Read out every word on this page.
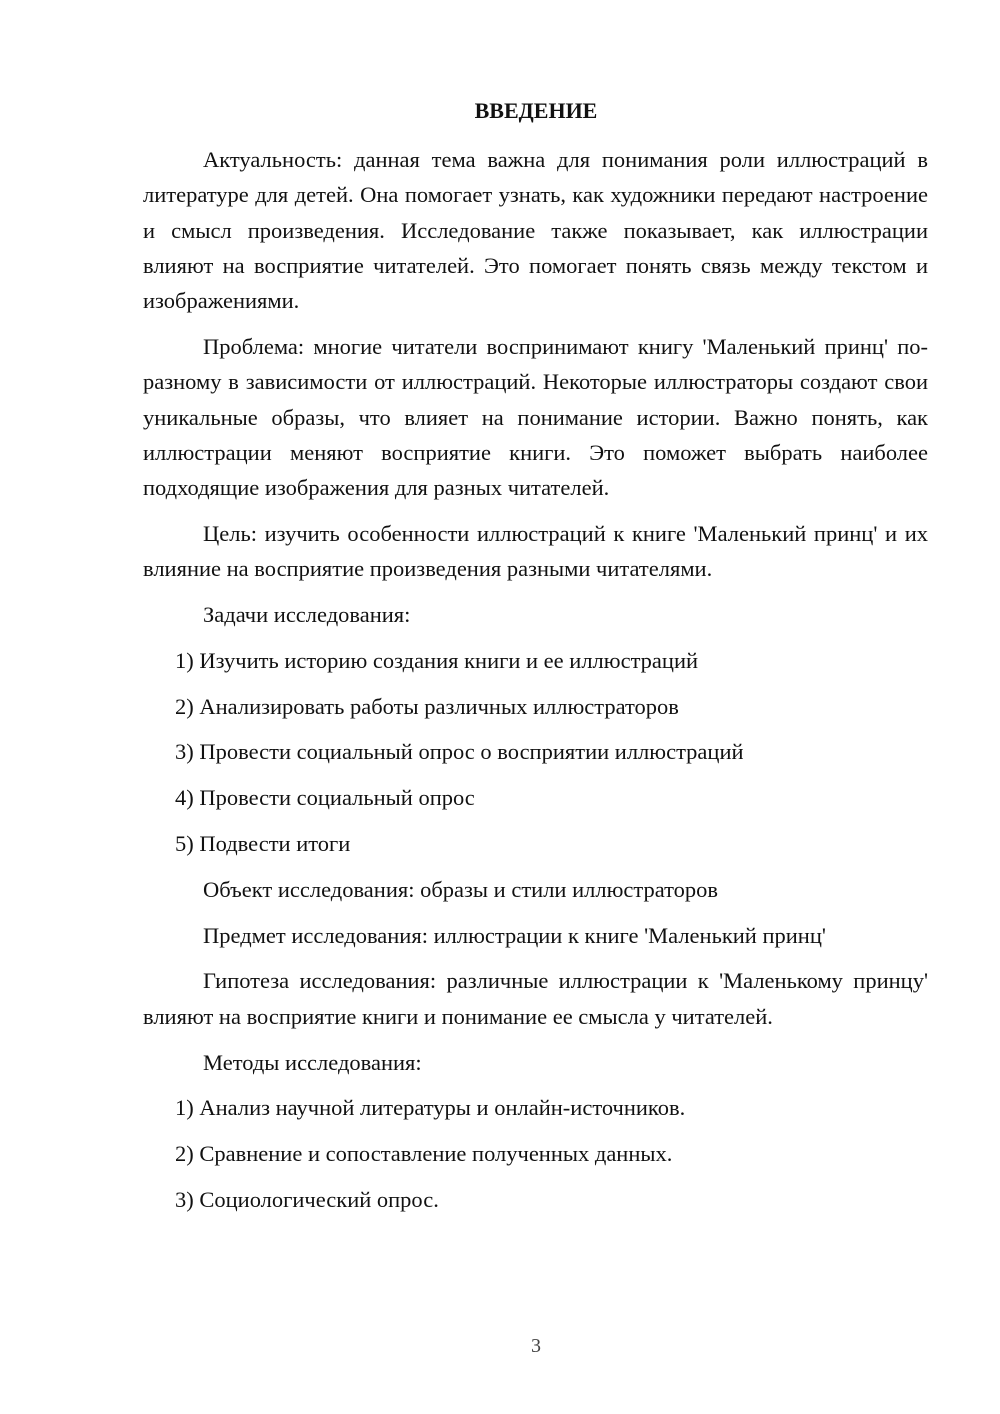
ВВЕДЕНИЕ

Актуальность: данная тема важна для понимания роли иллюстраций в литературе для детей. Она помогает узнать, как художники передают настроение и смысл произведения. Исследование также показывает, как иллюстрации влияют на восприятие читателей. Это помогает понять связь между текстом и изображениями.

Проблема: многие читатели воспринимают книгу 'Маленький принц' по-разному в зависимости от иллюстраций. Некоторые иллюстраторы создают свои уникальные образы, что влияет на понимание истории. Важно понять, как иллюстрации меняют восприятие книги. Это поможет выбрать наиболее подходящие изображения для разных читателей.

Цель: изучить особенности иллюстраций к книге 'Маленький принц' и их влияние на восприятие произведения разными читателями.

Задачи исследования:

1) Изучить историю создания книги и ее иллюстраций

2) Анализировать работы различных иллюстраторов

3) Провести социальный опрос о восприятии иллюстраций

4) Провести социальный опрос

5) Подвести итоги

Объект исследования: образы и стили иллюстраторов

Предмет исследования: иллюстрации к книге 'Маленький принц'

Гипотеза исследования: различные иллюстрации к 'Маленькому принцу' влияют на восприятие книги и понимание ее смысла у читателей.

Методы исследования:

1) Анализ научной литературы и онлайн-источников.

2) Сравнение и сопоставление полученных данных.

3) Социологический опрос.

3
